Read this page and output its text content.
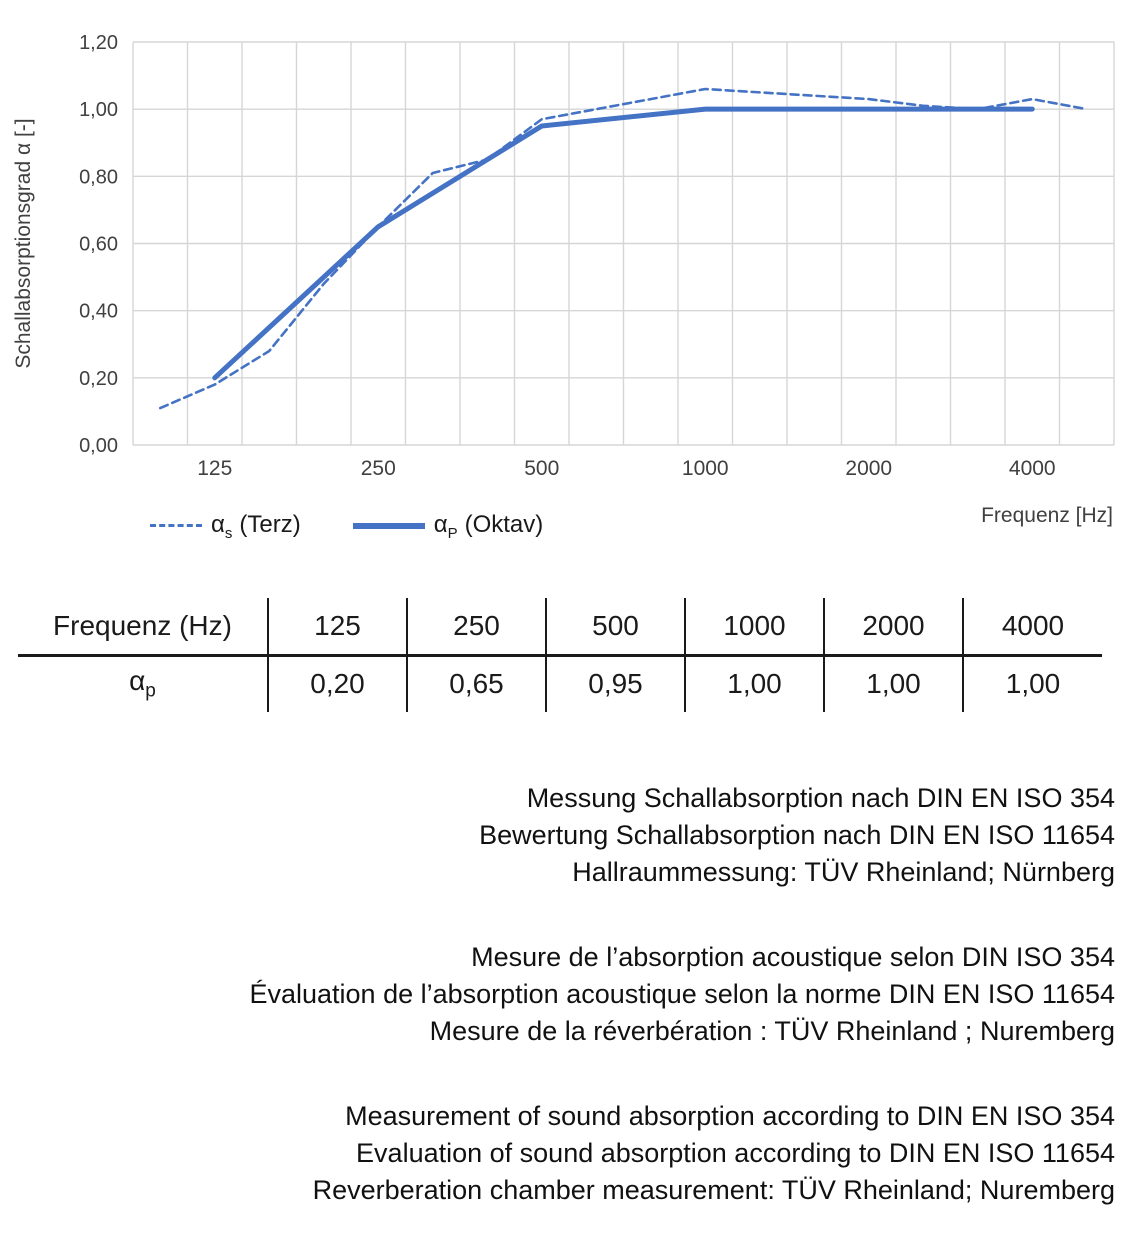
0,00
0,20
0,40
0,60
0,80
1,00
1,20
125	250	500	1000	2000	4000
Schallabsorptionsgrad α [-]
$\alpha_s$ (Terz)	$\alpha_P$ (Oktav)	Frequenz [Hz]
Frequenz (Hz)	125	250	500	1000	2000	4000
$\alpha_p$	0,20	0,65	0,95	1,00	1,00	1,00
Messung Schallabsorption nach DIN EN ISO 354
Bewertung Schallabsorption nach DIN EN ISO 11654
Hallraummessung: TÜV Rheinland; Nürnberg
Mesure de l’absorption acoustique selon DIN ISO 354
Évaluation de l’absorption acoustique selon la norme DIN EN ISO 11654
Mesure de la réverbération : TÜV Rheinland ; Nuremberg
Measurement of sound absorption according to DIN EN ISO 354
Evaluation of sound absorption according to DIN EN ISO 11654
Reverberation chamber measurement: TÜV Rheinland; Nuremberg
